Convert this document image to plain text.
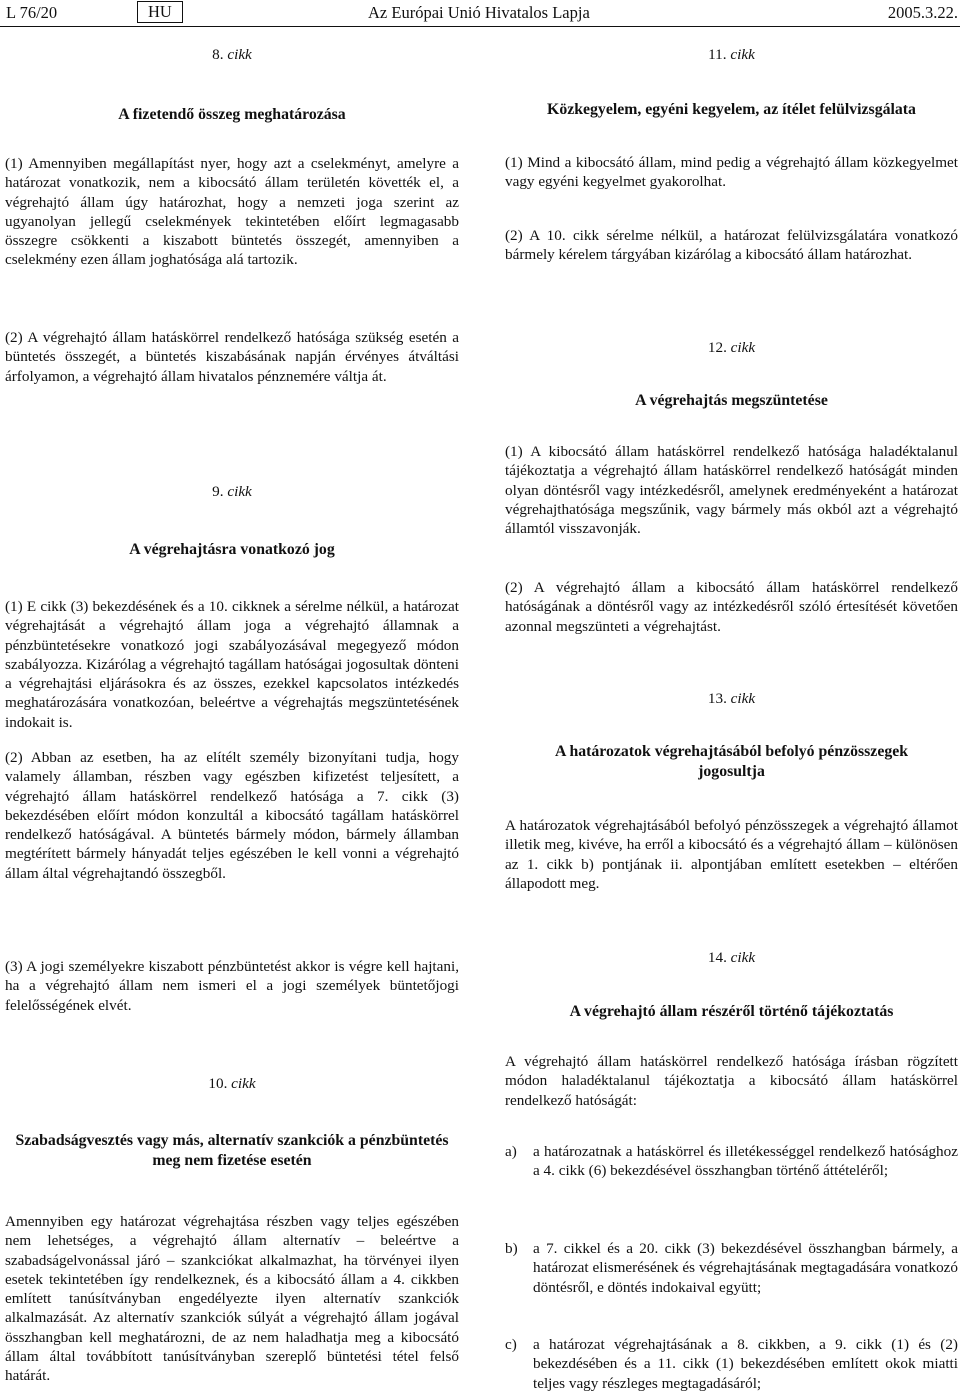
L 76/20	HU	Az Európai Unió Hivatalos Lapja	2005.3.22.

8. cikk

A fizetendő összeg meghatározása

(1) Amennyiben megállapítást nyer, hogy azt a cselekményt, amelyre a határozat vonatkozik, nem a kibocsátó állam területén követték el, a végrehajtó állam úgy határozhat, hogy a nemzeti joga szerint az ugyanolyan jellegű cselekmények tekintetében előírt legmagasabb összegre csökkenti a kiszabott büntetés összegét, amennyiben a cselekmény ezen állam joghatósága alá tartozik.

(2) A végrehajtó állam hatáskörrel rendelkező hatósága szükség esetén a büntetés összegét, a büntetés kiszabásának napján érvényes átváltási árfolyamon, a végrehajtó állam hivatalos pénznemére váltja át.

9. cikk

A végrehajtásra vonatkozó jog

(1) E cikk (3) bekezdésének és a 10. cikknek a sérelme nélkül, a határozat végrehajtását a végrehajtó állam joga a végrehajtó államnak a pénzbüntetésekre vonatkozó jogi szabályozásával megegyező módon szabályozza. Kizárólag a végrehajtó tagállam hatóságai jogosultak dönteni a végrehajtási eljárásokra és az összes, ezekkel kapcsolatos intézkedés meghatározására vonatkozóan, beleértve a végrehajtás megszüntetésének indokait is.

(2) Abban az esetben, ha az elítélt személy bizonyítani tudja, hogy valamely államban, részben vagy egészben kifizetést teljesített, a végrehajtó állam hatáskörrel rendelkező hatósága a 7. cikk (3) bekezdésében előírt módon konzultál a kibocsátó tagállam hatáskörrel rendelkező hatóságával. A büntetés bármely módon, bármely államban megtérített bármely hányadát teljes egészében le kell vonni a végrehajtó állam által végrehajtandó összegből.

(3) A jogi személyekre kiszabott pénzbüntetést akkor is végre kell hajtani, ha a végrehajtó állam nem ismeri el a jogi személyek büntetőjogi felelősségének elvét.

10. cikk

Szabadságvesztés vagy más, alternatív szankciók a pénzbüntetés meg nem fizetése esetén

Amennyiben egy határozat végrehajtása részben vagy teljes egészében nem lehetséges, a végrehajtó állam alternatív – beleértve a szabadságelvonással járó – szankciókat alkalmazhat, ha törvényei ilyen esetek tekintetében így rendelkeznek, és a kibocsátó állam a 4. cikkben említett tanúsítványban engedélyezte ilyen alternatív szankciók alkalmazását. Az alternatív szankciók súlyát a végrehajtó állam jogával összhangban kell meghatározni, de az nem haladhatja meg a kibocsátó állam által továbbított tanúsítványban szereplő büntetési tétel felső határát.

11. cikk

Közkegyelem, egyéni kegyelem, az ítélet felülvizsgálata

(1) Mind a kibocsátó állam, mind pedig a végrehajtó állam közkegyelmet vagy egyéni kegyelmet gyakorolhat.

(2) A 10. cikk sérelme nélkül, a határozat felülvizsgálatára vonatkozó bármely kérelem tárgyában kizárólag a kibocsátó állam határozhat.

12. cikk

A végrehajtás megszüntetése

(1) A kibocsátó állam hatáskörrel rendelkező hatósága haladéktalanul tájékoztatja a végrehajtó állam hatáskörrel rendelkező hatóságát minden olyan döntésről vagy intézkedésről, amelynek eredményeként a határozat végrehajthatósága megszűnik, vagy bármely más okból azt a végrehajtó államtól visszavonják.

(2) A végrehajtó állam a kibocsátó állam hatáskörrel rendelkező hatóságának a döntésről vagy az intézkedésről szóló értesítését követően azonnal megszünteti a végrehajtást.

13. cikk

A határozatok végrehajtásából befolyó pénzösszegek jogosultja

A határozatok végrehajtásából befolyó pénzösszegek a végrehajtó államot illetik meg, kivéve, ha erről a kibocsátó és a végrehajtó állam – különösen az 1. cikk b) pontjának ii. alpontjában említett esetekben – eltérően állapodott meg.

14. cikk

A végrehajtó állam részéről történő tájékoztatás

A végrehajtó állam hatáskörrel rendelkező hatósága írásban rögzített módon haladéktalanul tájékoztatja a kibocsátó állam hatáskörrel rendelkező hatóságát:

a)	a határozatnak a hatáskörrel és illetékességgel rendelkező hatósághoz a 4. cikk (6) bekezdésével összhangban történő áttételéről;
b)	a 7. cikkel és a 20. cikk (3) bekezdésével összhangban bármely, a határozat elismerésének és végrehajtásának megtagadására vonatkozó döntésről, e döntés indokaival együtt;
c)	a határozat végrehajtásának a 8. cikkben, a 9. cikk (1) és (2) bekezdésében és a 11. cikk (1) bekezdésében említett okok miatti teljes vagy részleges megtagadásáról;
